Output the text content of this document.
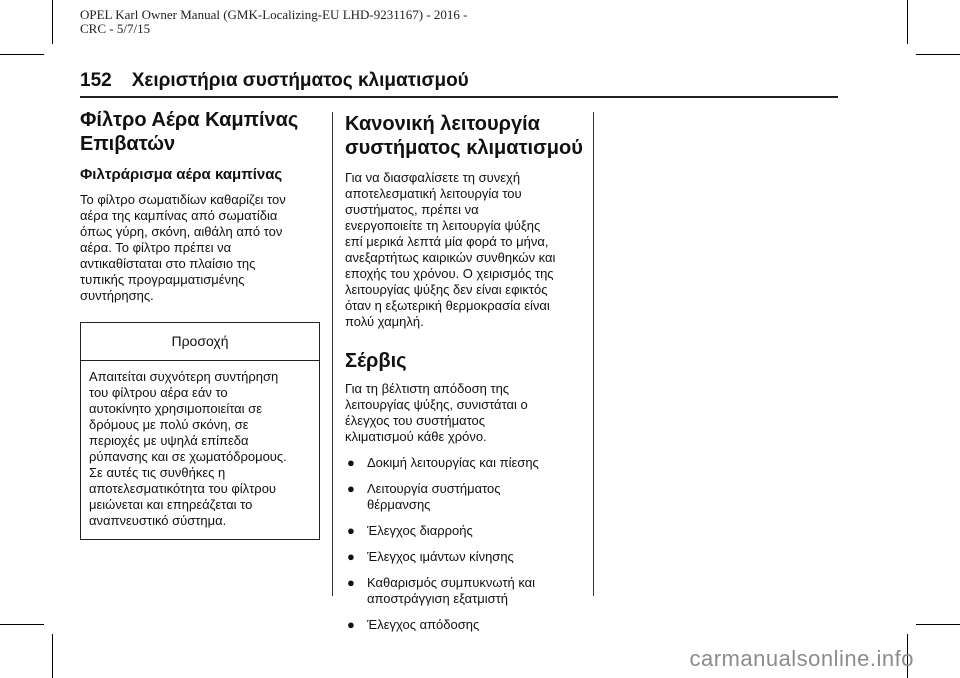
OPEL Karl Owner Manual (GMK-Localizing-EU LHD-9231167) - 2016 -
CRC - 5/7/15
152 Χειριστήρια συστήματος κλιματισμού
Φίλτρο Αέρα Καμπίνας
Επιβατών
Φιλτράρισμα αέρα καμπίνας

Το φίλτρο σωματιδίων καθαρίζει τον
αέρα της καμπίνας από σωματίδια
όπως γύρη, σκόνη, αιθάλη από τον
αέρα. Το φίλτρο πρέπει να
αντικαθίσταται στο πλαίσιο της
τυπικής προγραμματισμένης
συντήρησης.

Προσοχή
Απαιτείται συχνότερη συντήρηση
του φίλτρου αέρα εάν το
αυτοκίνητο χρησιμοποιείται σε
δρόμους με πολύ σκόνη, σε
περιοχές με υψηλά επίπεδα
ρύπανσης και σε χωματόδρομους.
Σε αυτές τις συνθήκες η
αποτελεσματικότητα του φίλτρου
μειώνεται και επηρεάζεται το
αναπνευστικό σύστημα.
Κανονική λειτουργία
συστήματος κλιματισμού

Για να διασφαλίσετε τη συνεχή
αποτελεσματική λειτουργία του
συστήματος, πρέπει να
ενεργοποιείτε τη λειτουργία ψύξης
επί μερικά λεπτά μία φορά το μήνα,
ανεξαρτήτως καιρικών συνθηκών και
εποχής του χρόνου. Ο χειρισμός της
λειτουργίας ψύξης δεν είναι εφικτός
όταν η εξωτερική θερμοκρασία είναι
πολύ χαμηλή.

Σέρβις

Για τη βέλτιστη απόδοση της
λειτουργίας ψύξης, συνιστάται ο
έλεγχος του συστήματος
κλιματισμού κάθε χρόνο.

● Δοκιμή λειτουργίας και πίεσης
● Λειτουργία συστήματος
θέρμανσης
● Έλεγχος διαρροής
● Έλεγχος ιμάντων κίνησης
● Καθαρισμός συμπυκνωτή και
αποστράγγιση εξατμιστή
● Έλεγχος απόδοσης
carmanualsonline.info
